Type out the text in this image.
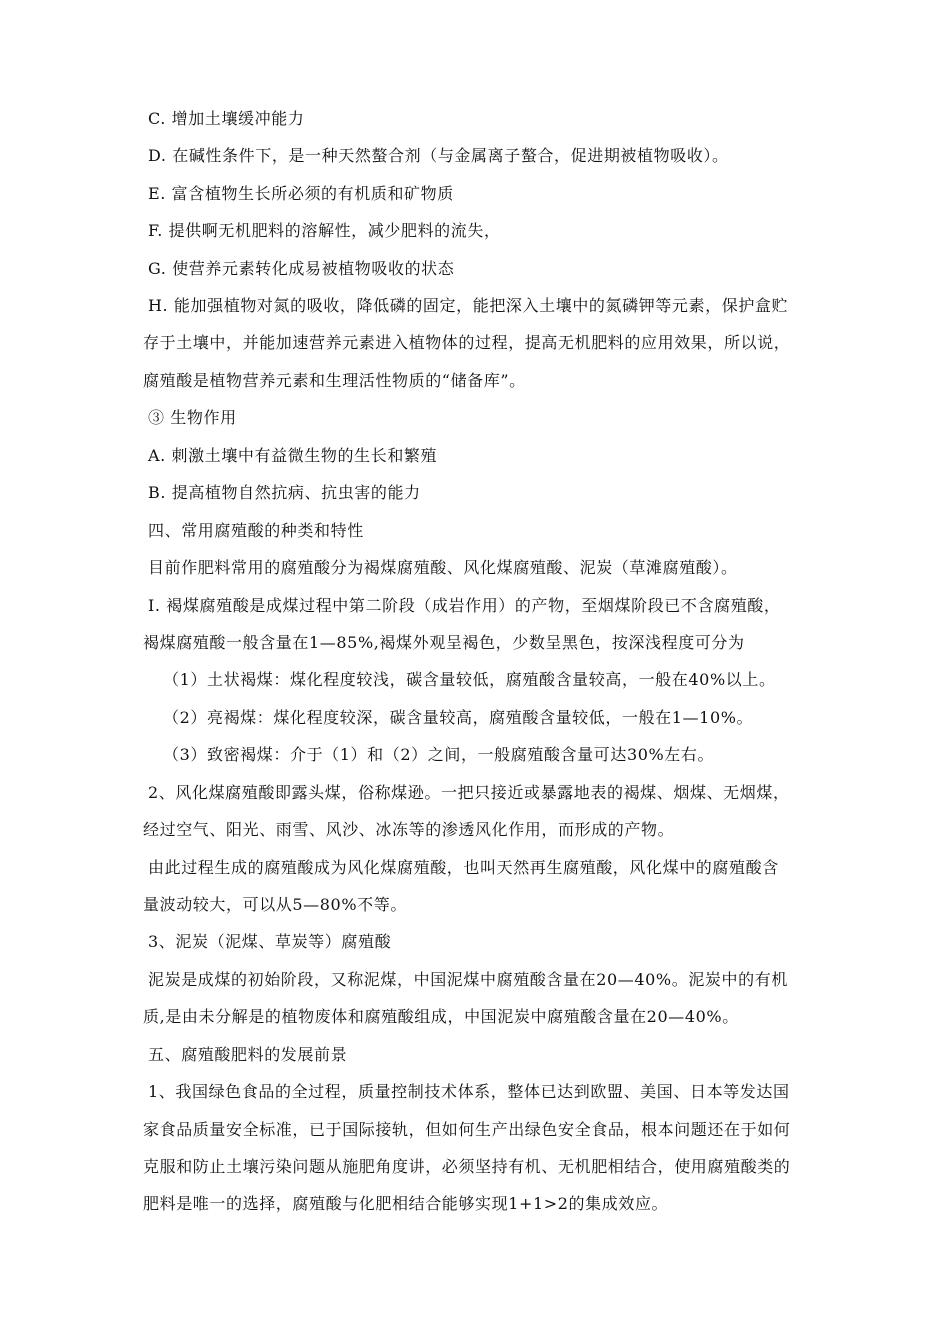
C. 增加土壤缓冲能力
D. 在碱性条件下，是一种天然螯合剂（与金属离子螯合，促进期被植物吸收）。
E. 富含植物生长所必须的有机质和矿物质
F. 提供啊无机肥料的溶解性，减少肥料的流失，
G. 使营养元素转化成易被植物吸收的状态
H. 能加强植物对氮的吸收，降低磷的固定，能把深入土壤中的氮磷钾等元素，保护盒贮
存于土壤中，并能加速营养元素进入植物体的过程，提高无机肥料的应用效果，所以说，
腐殖酸是植物营养元素和生理活性物质的“储备库”。
③ 生物作用
A. 刺激土壤中有益微生物的生长和繁殖
B. 提高植物自然抗病、抗虫害的能力
四、常用腐殖酸的种类和特性
目前作肥料常用的腐殖酸分为褐煤腐殖酸、风化煤腐殖酸、泥炭（草滩腐殖酸）。
I. 褐煤腐殖酸是成煤过程中第二阶段（成岩作用）的产物，至烟煤阶段已不含腐殖酸，
褐煤腐殖酸一般含量在1—85%,褐煤外观呈褐色，少数呈黑色，按深浅程度可分为
（1）土状褐煤：煤化程度较浅，碳含量较低，腐殖酸含量较高，一般在40%以上。
（2）亮褐煤：煤化程度较深，碳含量较高，腐殖酸含量较低，一般在1—10%。
（3）致密褐煤：介于（1）和（2）之间，一般腐殖酸含量可达30%左右。
2、风化煤腐殖酸即露头煤，俗称煤逊。一把只接近或暴露地表的褐煤、烟煤、无烟煤，
经过空气、阳光、雨雪、风沙、冰冻等的渗透风化作用，而形成的产物。
由此过程生成的腐殖酸成为风化煤腐殖酸，也叫天然再生腐殖酸，风化煤中的腐殖酸含
量波动较大，可以从5—80%不等。
3、泥炭（泥煤、草炭等）腐殖酸
泥炭是成煤的初始阶段，又称泥煤，中国泥煤中腐殖酸含量在20—40%。泥炭中的有机
质,是由未分解是的植物废体和腐殖酸组成，中国泥炭中腐殖酸含量在20—40%。
五、腐殖酸肥料的发展前景
1、我国绿色食品的全过程，质量控制技术体系，整体已达到欧盟、美国、日本等发达国
家食品质量安全标准，已于国际接轨，但如何生产出绿色安全食品，根本问题还在于如何
克服和防止土壤污染问题从施肥角度讲，必须坚持有机、无机肥相结合，使用腐殖酸类的
肥料是唯一的选择，腐殖酸与化肥相结合能够实现1+1>2的集成效应。
